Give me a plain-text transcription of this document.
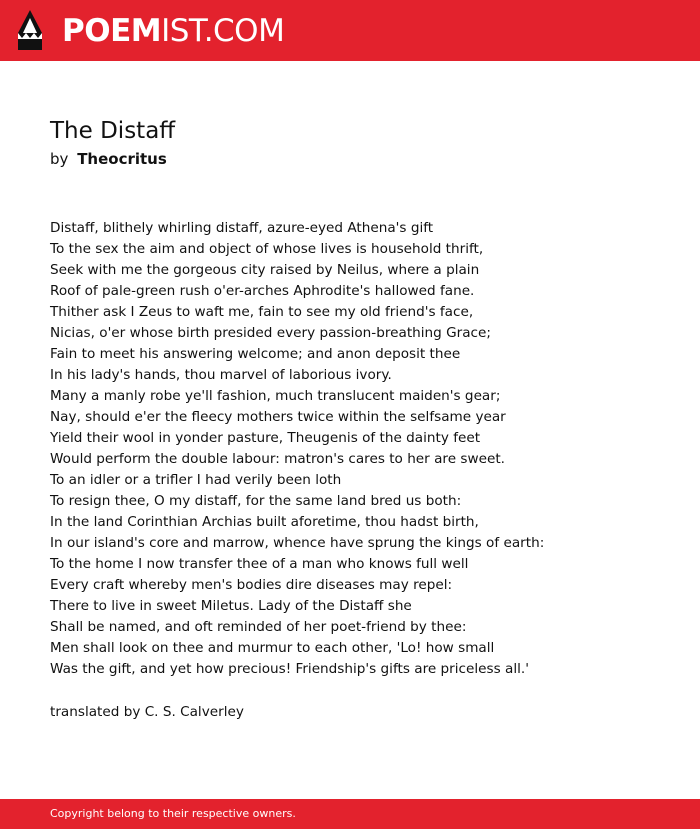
POEMIST.COM
The Distaff
by Theocritus
Distaff, blithely whirling distaff, azure-eyed Athena's gift
To the sex the aim and object of whose lives is household thrift,
Seek with me the gorgeous city raised by Neilus, where a plain
Roof of pale-green rush o'er-arches Aphrodite's hallowed fane.
Thither ask I Zeus to waft me, fain to see my old friend's face,
Nicias, o'er whose birth presided every passion-breathing Grace;
Fain to meet his answering welcome; and anon deposit thee
In his lady's hands, thou marvel of laborious ivory.
Many a manly robe ye'll fashion, much translucent maiden's gear;
Nay, should e'er the fleecy mothers twice within the selfsame year
Yield their wool in yonder pasture, Theugenis of the dainty feet
Would perform the double labour: matron's cares to her are sweet.
To an idler or a trifler I had verily been loth
To resign thee, O my distaff, for the same land bred us both:
In the land Corinthian Archias built aforetime, thou hadst birth,
In our island's core and marrow, whence have sprung the kings of earth:
To the home I now transfer thee of a man who knows full well
Every craft whereby men's bodies dire diseases may repel:
There to live in sweet Miletus. Lady of the Distaff she
Shall be named, and oft reminded of her poet-friend by thee:
Men shall look on thee and murmur to each other, 'Lo! how small
Was the gift, and yet how precious! Friendship's gifts are priceless all.'
translated by C. S. Calverley
Copyright belong to their respective owners.
